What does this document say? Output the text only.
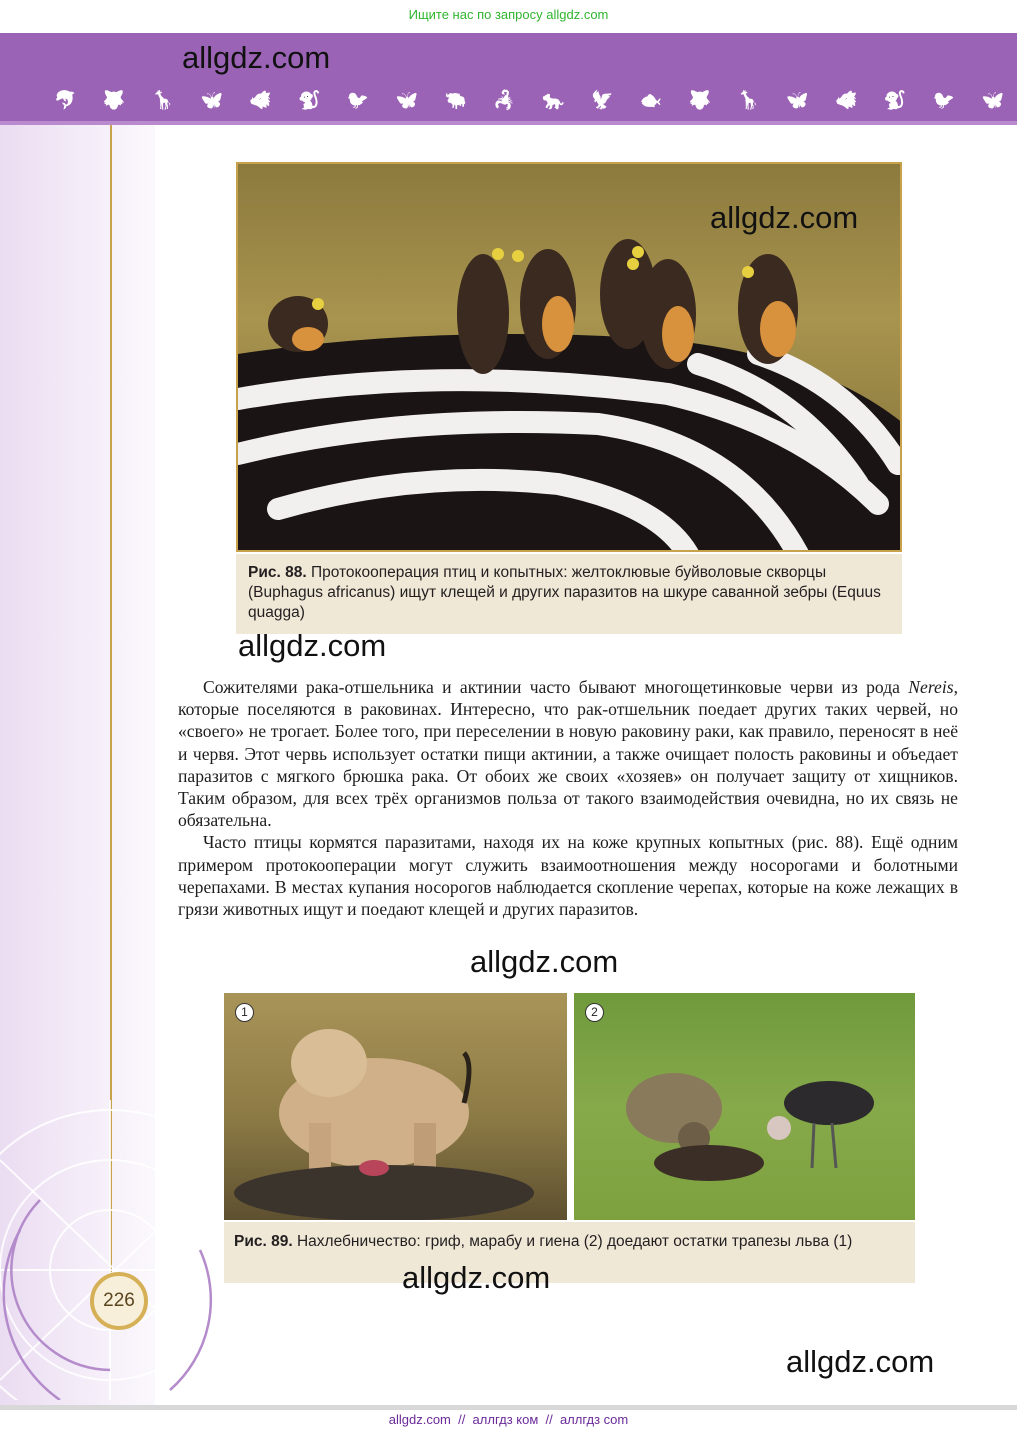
Ищите нас по запросу allgdz.com
🐬 🐺 🦒 🦋 🐗 🐒 🐦 🦋 🐃 🦂 🐆 🦅 🐟 🐺 🦒 🦋 🐗 🐒 🐦 🦋
allgdz.com
allgdz.com
Рис. 88. Протокооперация птиц и копытных: желтоклювые буйволовые скворцы (Buphagus africanus) ищут клещей и других паразитов на шкуре саванной зебры (Equus quagga)
allgdz.com

Сожителями рака-отшельника и актинии часто бывают многощетинковые черви из рода Nereis, которые поселяются в раковинах. Интересно, что рак-отшельник поедает других таких червей, но «своего» не трогает. Более того, при переселении в новую раковину раки, как правило, переносят в неё и червя. Этот червь использует остатки пищи актинии, а также очищает полость раковины и объедает паразитов с мягкого брюшка рака. От обоих же своих «хозяев» он получает защиту от хищников. Таким образом, для всех трёх организмов польза от такого взаимодействия очевидна, но их связь не обязательна.

Часто птицы кормятся паразитами, находя их на коже крупных копытных (рис. 88). Ещё одним примером протокооперации могут служить взаимоотношения между носорогами и болотными черепахами. В местах купания носорогов наблюдается скопление черепах, которые на коже лежащих в грязи животных ищут и поедают клещей и других паразитов.

allgdz.com
1	2
Рис. 89. Нахлебничество: гриф, марабу и гиена (2) доедают остатки трапезы льва (1)
allgdz.com
226
allgdz.com
allgdz.com  //  аллгдз ком  //  аллгдз com
